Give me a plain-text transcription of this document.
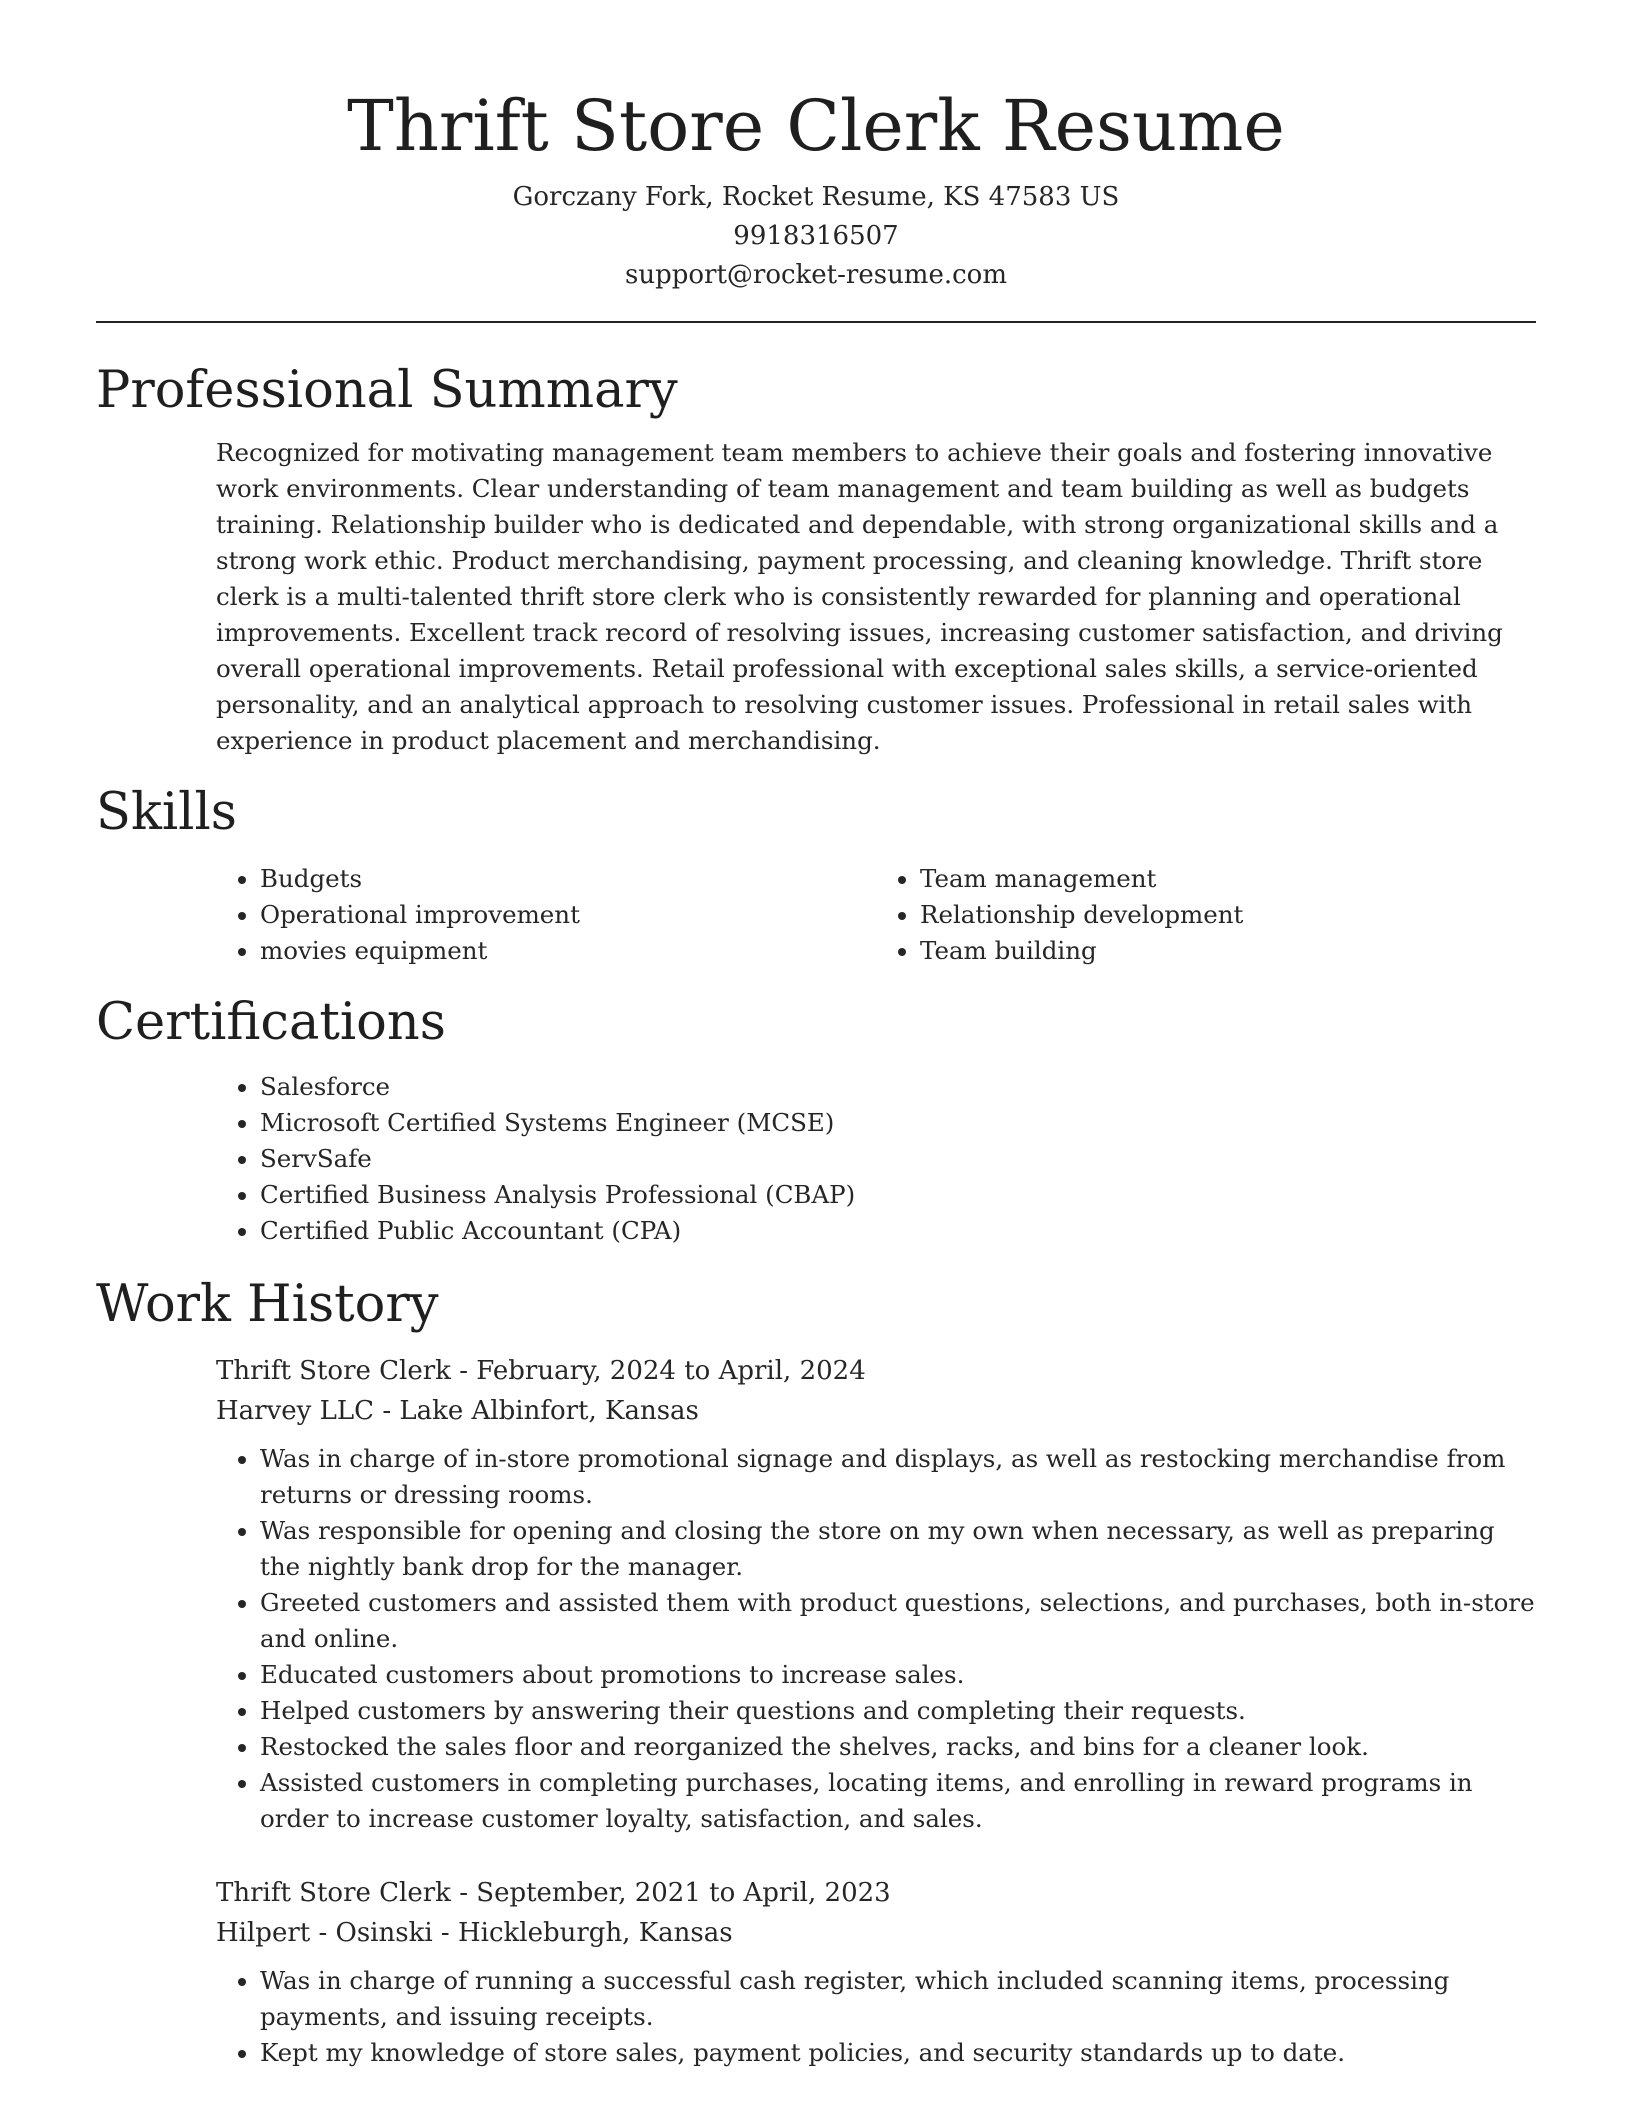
Thrift Store Clerk Resume
Gorczany Fork, Rocket Resume, KS 47583 US
9918316507
support@rocket-resume.com
Professional Summary
Recognized for motivating management team members to achieve their goals and fostering innovative work environments. Clear understanding of team management and team building as well as budgets training. Relationship builder who is dedicated and dependable, with strong organizational skills and a strong work ethic. Product merchandising, payment processing, and cleaning knowledge. Thrift store clerk is a multi-talented thrift store clerk who is consistently rewarded for planning and operational improvements. Excellent track record of resolving issues, increasing customer satisfaction, and driving overall operational improvements. Retail professional with exceptional sales skills, a service-oriented personality, and an analytical approach to resolving customer issues. Professional in retail sales with experience in product placement and merchandising.
Skills
• Budgets
• Operational improvement
• movies equipment
• Team management
• Relationship development
• Team building
Certifications
• Salesforce
• Microsoft Certified Systems Engineer (MCSE)
• ServSafe
• Certified Business Analysis Professional (CBAP)
• Certified Public Accountant (CPA)
Work History
Thrift Store Clerk - February, 2024 to April, 2024
Harvey LLC - Lake Albinfort, Kansas
• Was in charge of in-store promotional signage and displays, as well as restocking merchandise from returns or dressing rooms.
• Was responsible for opening and closing the store on my own when necessary, as well as preparing the nightly bank drop for the manager.
• Greeted customers and assisted them with product questions, selections, and purchases, both in-store and online.
• Educated customers about promotions to increase sales.
• Helped customers by answering their questions and completing their requests.
• Restocked the sales floor and reorganized the shelves, racks, and bins for a cleaner look.
• Assisted customers in completing purchases, locating items, and enrolling in reward programs in order to increase customer loyalty, satisfaction, and sales.
Thrift Store Clerk - September, 2021 to April, 2023
Hilpert - Osinski - Hickleburgh, Kansas
• Was in charge of running a successful cash register, which included scanning items, processing payments, and issuing receipts.
• Kept my knowledge of store sales, payment policies, and security standards up to date.
